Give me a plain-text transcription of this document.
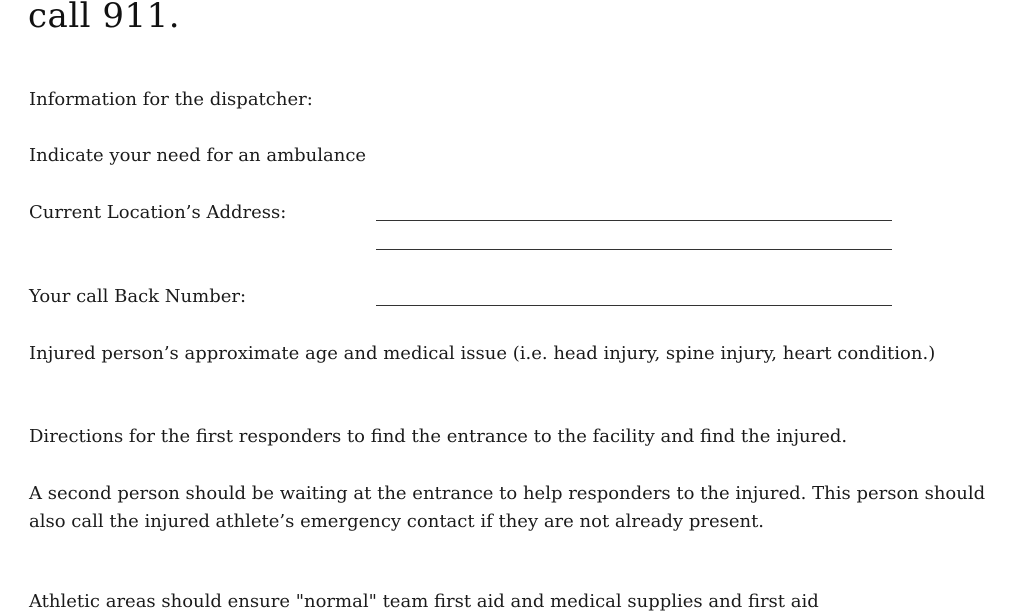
call 911.
Information for the dispatcher:
Indicate your need for an ambulance
Current Location’s Address:
Your call Back Number:
Injured person’s approximate age and medical issue (i.e. head injury, spine injury, heart condition.)
Directions for the first responders to find the entrance to the facility and find the injured.
A second person should be waiting at the entrance to help responders to the injured. This person should also call the injured athlete’s emergency contact if they are not already present.
Athletic areas should ensure "normal" team first aid and medical supplies and first aid
